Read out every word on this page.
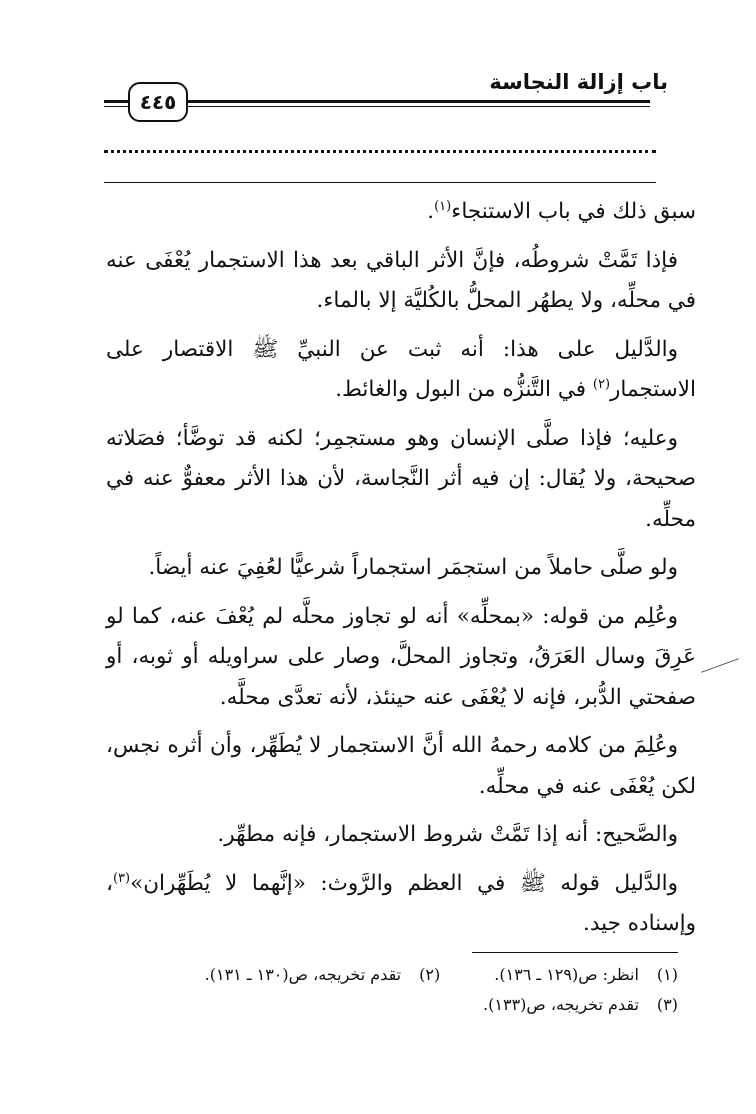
باب إزالة النجاسة
٤٤٥

سبق ذلك في باب الاستنجاء$^{(١)}$.

فإذا تَمَّتْ شروطُه، فإنَّ الأثر الباقي بعد هذا الاستجمار يُعْفَى عنه في محلِّه، ولا يطهُر المحلُّ بالكُليَّة إلا بالماء.

والدَّليل على هذا: أنه ثبت عن النبيِّ ﷺ الاقتصار على الاستجمار$^{(٢)}$ في التَّنزُّه من البول والغائط.

وعليه؛ فإذا صلَّى الإنسان وهو مستجمِر؛ لكنه قد توضَّأ؛ فصَلاته صحيحة، ولا يُقال: إن فيه أثر النَّجاسة، لأن هذا الأثر معفوٌّ عنه في محلِّه.

ولو صلَّى حاملاً من استجمَر استجماراً شرعيًّا لعُفِيَ عنه أيضاً.

وعُلِم من قوله: «بمحلِّه» أنه لو تجاوز محلَّه لم يُعْفَ عنه، كما لو عَرِقَ وسال العَرَقُ، وتجاوز المحلَّ، وصار على سراويله أو ثوبه، أو صفحتي الدُّبر، فإنه لا يُعْفَى عنه حينئذ، لأنه تعدَّى محلَّه.

وعُلِمَ من كلامه رحمهُ الله أنَّ الاستجمار لا يُطَهِّر، وأن أثره نجس، لكن يُعْفَى عنه في محلِّه.

والصَّحيح: أنه إذا تَمَّتْ شروط الاستجمار، فإنه مطهِّر.

والدَّليل قوله ﷺ في العظم والرَّوث: «إنَّهما لا يُطَهِّران»$^{(٣)}$، وإسناده جيد.

(١)انظر: ص(١٢٩ ـ ١٣٦).
(٢)تقدم تخريجه، ص(١٣٠ ـ ١٣١).
(٣)تقدم تخريجه، ص(١٣٣).
